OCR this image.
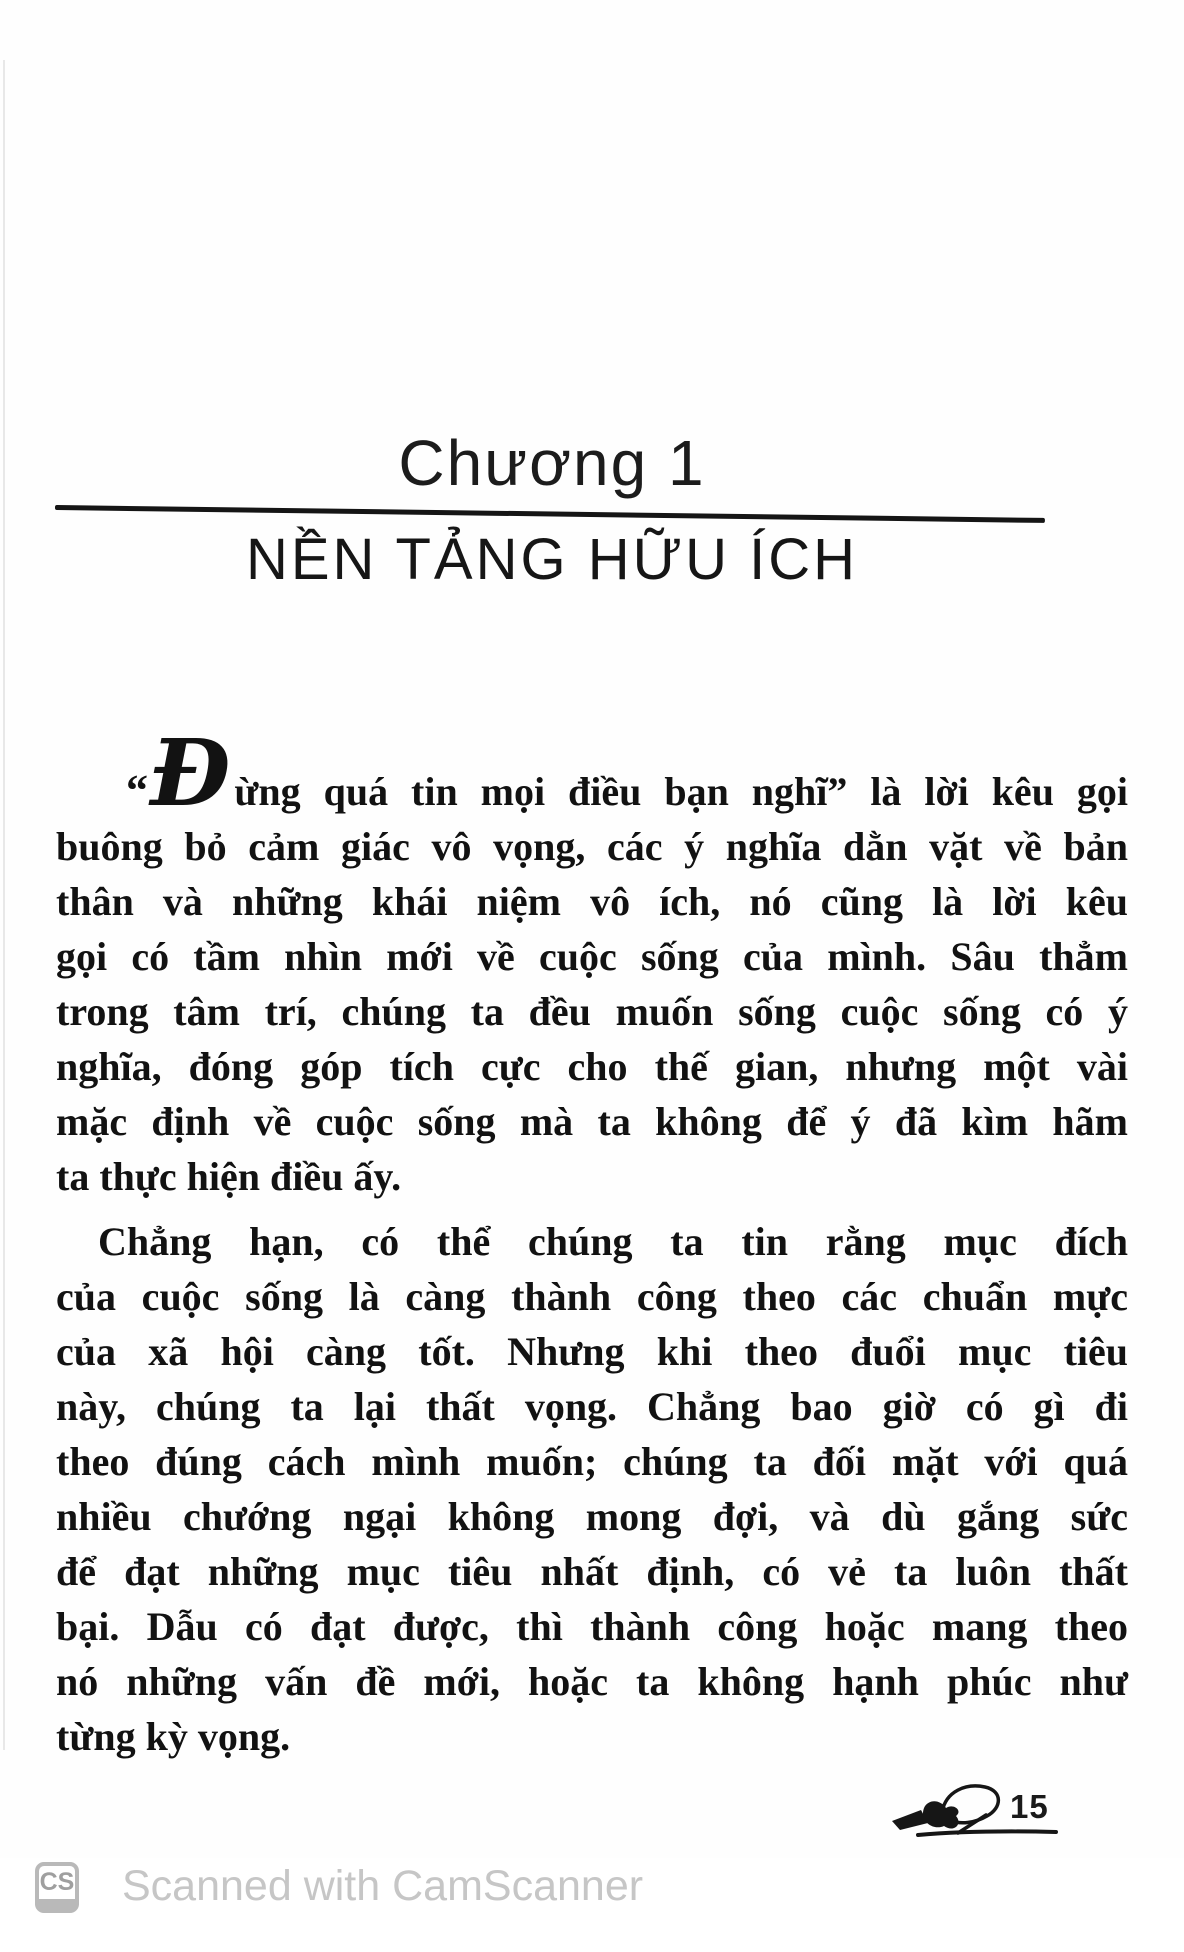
Chương 1
NỀN TẢNG HỮU ÍCH
“Đ ừng quá tin mọi điều bạn nghĩ” là lời kêu gọi
buông bỏ cảm giác vô vọng, các ý nghĩa dằn vặt về bản
thân và những khái niệm vô ích, nó cũng là lời kêu
gọi có tầm nhìn mới về cuộc sống của mình. Sâu thẳm
trong tâm trí, chúng ta đều muốn sống cuộc sống có ý
nghĩa, đóng góp tích cực cho thế gian, nhưng một vài
mặc định về cuộc sống mà ta không để ý đã kìm hãm
ta thực hiện điều ấy.
Chẳng hạn, có thể chúng ta tin rằng mục đích
của cuộc sống là càng thành công theo các chuẩn mực
của xã hội càng tốt. Nhưng khi theo đuổi mục tiêu
này, chúng ta lại thất vọng. Chẳng bao giờ có gì đi
theo đúng cách mình muốn; chúng ta đối mặt với quá
nhiều chướng ngại không mong đợi, và dù gắng sức
để đạt những mục tiêu nhất định, có vẻ ta luôn thất
bại. Dẫu có đạt được, thì thành công hoặc mang theo
nó những vấn đề mới, hoặc ta không hạnh phúc như
từng kỳ vọng.
15
CS Scanned with CamScanner
